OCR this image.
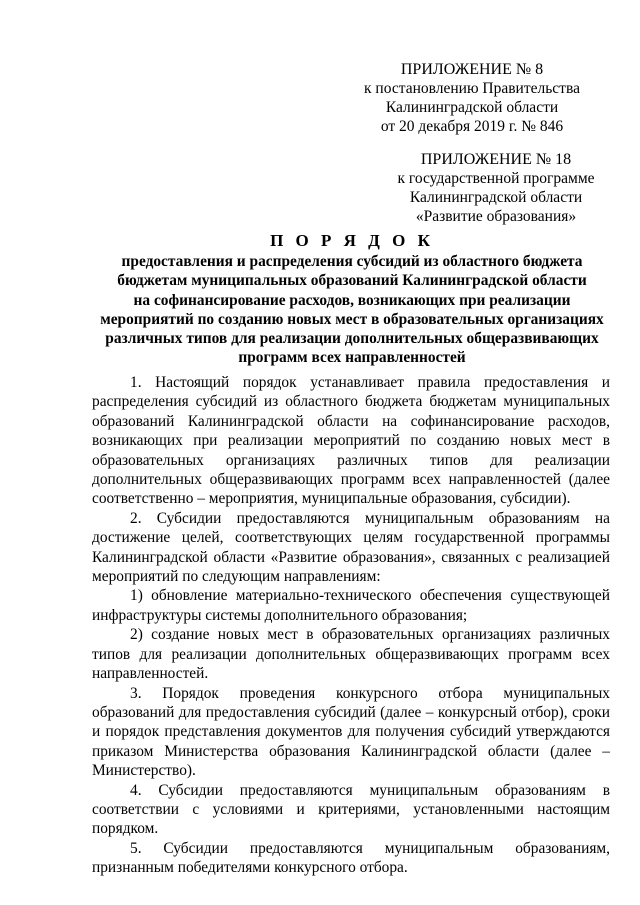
ПРИЛОЖЕНИЕ № 8
к постановлению Правительства
Калининградской области
от 20 декабря 2019 г. № 846
ПРИЛОЖЕНИЕ № 18
к государственной программе
Калининградской области
«Развитие образования»
П О Р Я Д О К
предоставления и распределения субсидий из областного бюджета
бюджетам муниципальных образований Калининградской области
на софинансирование расходов, возникающих при реализации
мероприятий по созданию новых мест в образовательных организациях
различных типов для реализации дополнительных общеразвивающих
программ всех направленностей

1. Настоящий порядок устанавливает правила предоставления и распределения субсидий из областного бюджета бюджетам муниципальных образований Калининградской области на софинансирование расходов, возникающих при реализации мероприятий по созданию новых мест в образовательных организациях различных типов для реализации дополнительных общеразвивающих программ всех направленностей (далее соответственно – мероприятия, муниципальные образования, субсидии).

2. Субсидии предоставляются муниципальным образованиям на достижение целей, соответствующих целям государственной программы Калининградской области «Развитие образования», связанных с реализацией мероприятий по следующим направлениям:

1) обновление материально-технического обеспечения существующей инфраструктуры системы дополнительного образования;

2) создание новых мест в образовательных организациях различных типов для реализации дополнительных общеразвивающих программ всех направленностей.

3. Порядок проведения конкурсного отбора муниципальных образований для предоставления субсидий (далее – конкурсный отбор), сроки и порядок представления документов для получения субсидий утверждаются приказом Министерства образования Калининградской области (далее – Министерство).

4. Субсидии предоставляются муниципальным образованиям в соответствии с условиями и критериями, установленными настоящим порядком.

5. Субсидии предоставляются муниципальным образованиям, признанным победителями конкурсного отбора.
